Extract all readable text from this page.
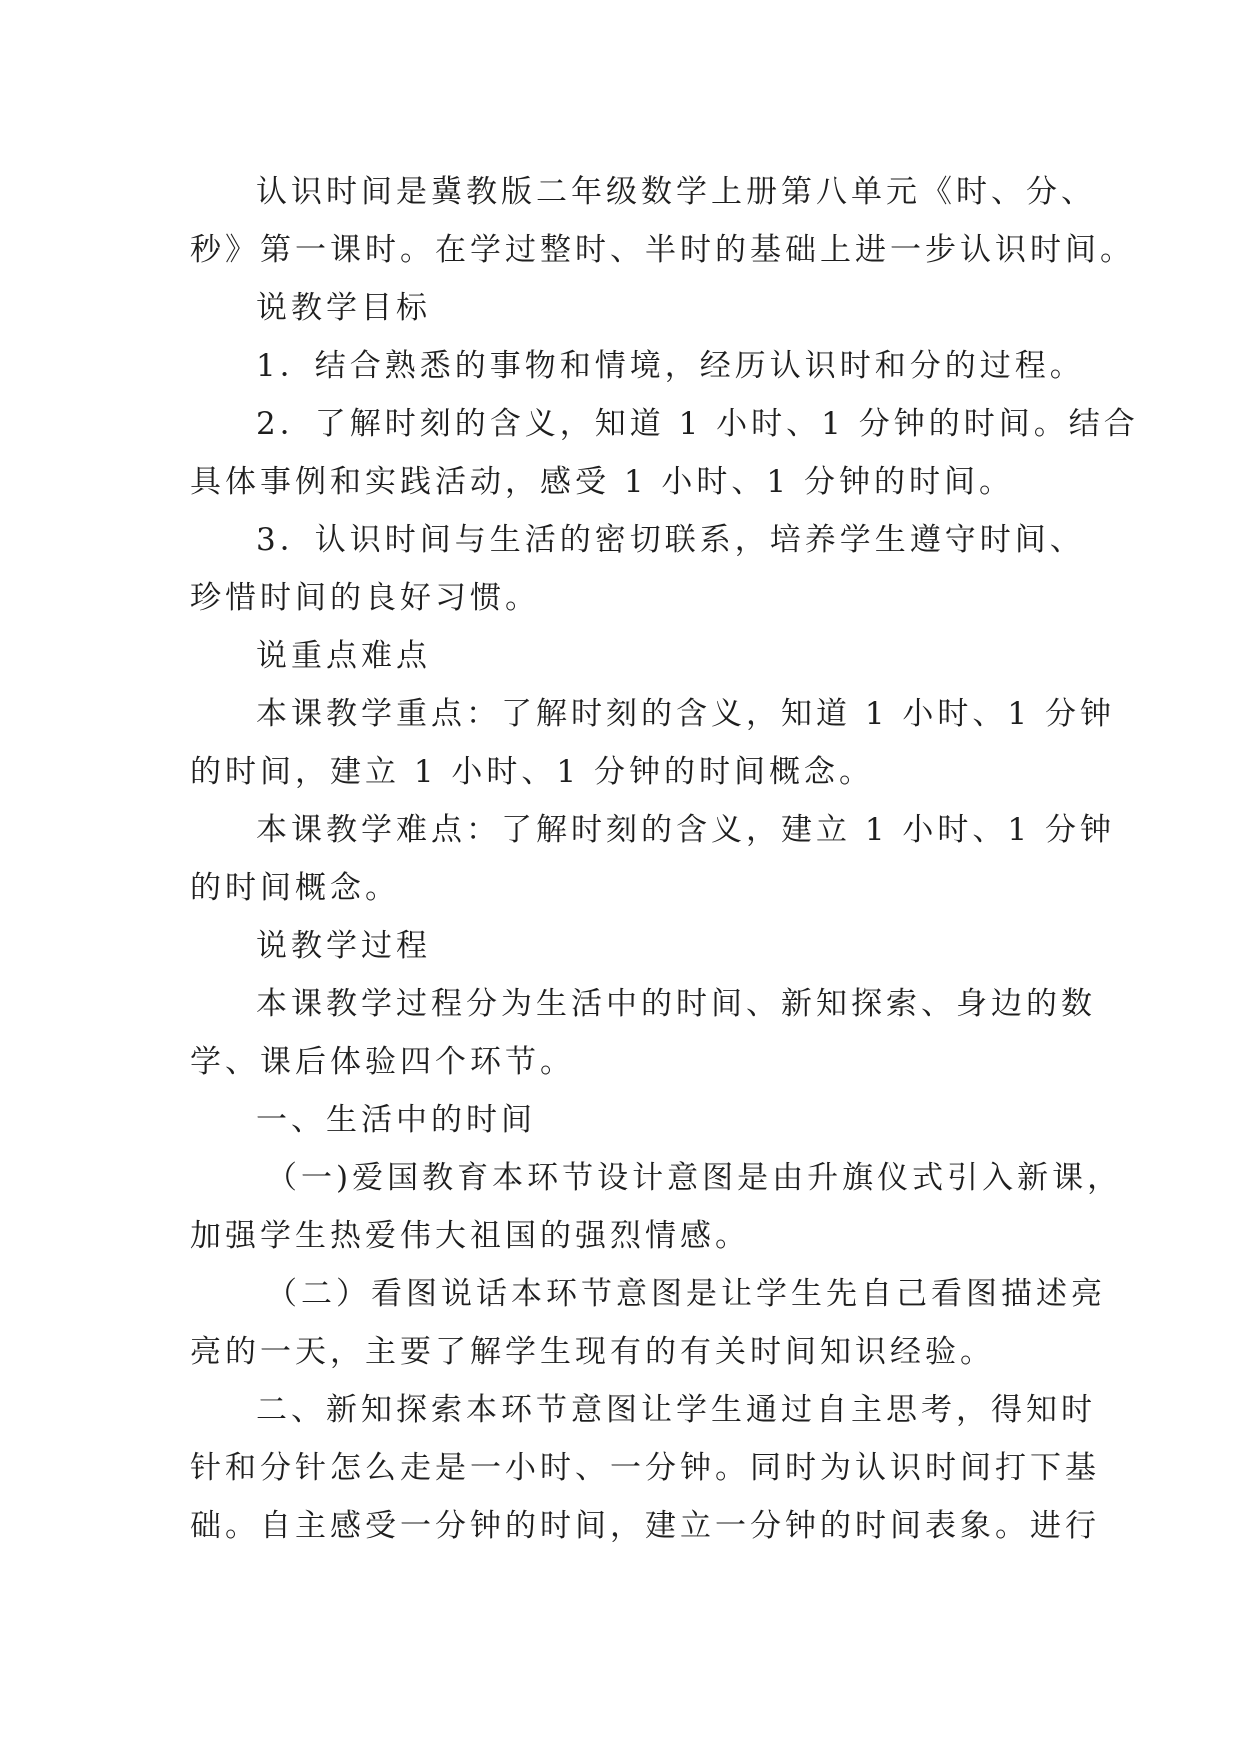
认识时间是冀教版二年级数学上册第八单元《时、分、
秒》第一课时。在学过整时、半时的基础上进一步认识时间。
说教学目标
1．结合熟悉的事物和情境，经历认识时和分的过程。
2．了解时刻的含义，知道 1 小时、1 分钟的时间。结合
具体事例和实践活动，感受 1 小时、1 分钟的时间。
3．认识时间与生活的密切联系，培养学生遵守时间、
珍惜时间的良好习惯。
说重点难点
本课教学重点：了解时刻的含义，知道 1 小时、1 分钟
的时间，建立 1 小时、1 分钟的时间概念。
本课教学难点：了解时刻的含义，建立 1 小时、1 分钟
的时间概念。
说教学过程
本课教学过程分为生活中的时间、新知探索、身边的数
学、课后体验四个环节。
一、生活中的时间
（一)爱国教育本环节设计意图是由升旗仪式引入新课，
加强学生热爱伟大祖国的强烈情感。
（二）看图说话本环节意图是让学生先自己看图描述亮
亮的一天，主要了解学生现有的有关时间知识经验。
二、新知探索本环节意图让学生通过自主思考，得知时
针和分针怎么走是一小时、一分钟。同时为认识时间打下基
础。自主感受一分钟的时间，建立一分钟的时间表象。进行
